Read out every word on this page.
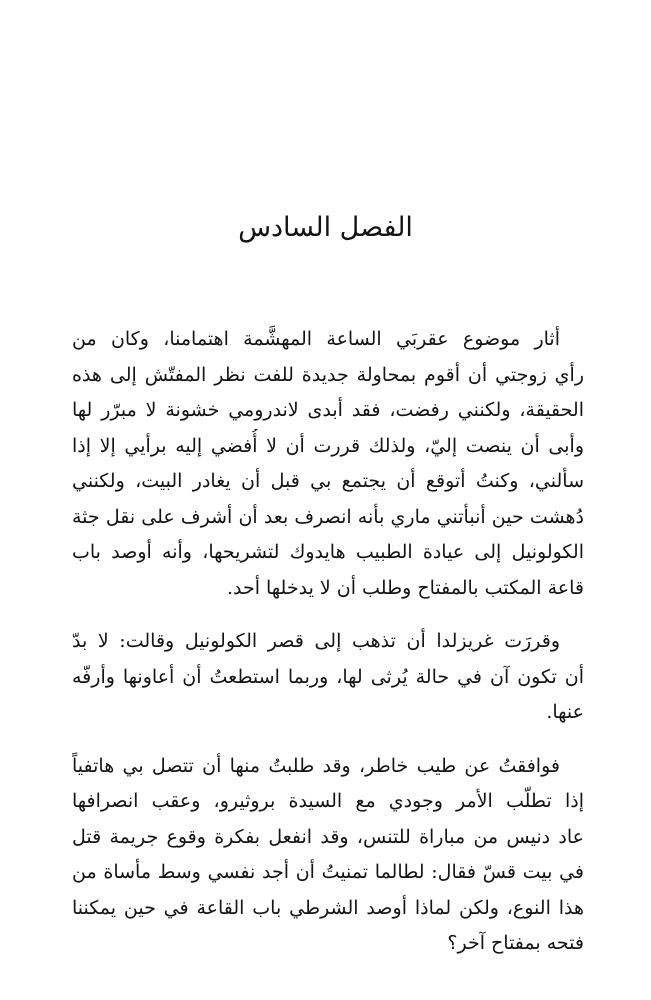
الفصل السادس

أثار موضوع عقربَي الساعة المهشَّمة اهتمامنا، وكان من
رأي زوجتي أن أقوم بمحاولة جديدة للفت نظر المفتّش إلى هذه
الحقيقة، ولكنني رفضت، فقد أبدى لاندرومي خشونة لا مبرّر لها
وأبى أن ينصت إليّ، ولذلك قررت أن لا أُفضي إليه برأيي إلا إذا
سألني، وكنتُ أتوقع أن يجتمع بي قبل أن يغادر البيت، ولكنني
دُهشت حين أنبأتني ماري بأنه انصرف بعد أن أشرف على نقل جثة
الكولونيل إلى عيادة الطبيب هايدوك لتشريحها، وأنه أوصد باب
قاعة المكتب بالمفتاح وطلب أن لا يدخلها أحد.

وقررَت غريزلدا أن تذهب إلى قصر الكولونيل وقالت: لا بدّ
أن تكون آن في حالة يُرثى لها، وربما استطعتُ أن أعاونها وأرفّه
عنها.

فوافقتُ عن طيب خاطر، وقد طلبتُ منها أن تتصل بي هاتفياً
إذا تطلّب الأمر وجودي مع السيدة بروثيرو، وعقب انصرافها
عاد دنيس من مباراة للتنس، وقد انفعل بفكرة وقوع جريمة قتل
في بيت قسّ فقال: لطالما تمنيتُ أن أجد نفسي وسط مأساة من
هذا النوع، ولكن لماذا أوصد الشرطي باب القاعة في حين يمكننا
فتحه بمفتاح آخر؟
